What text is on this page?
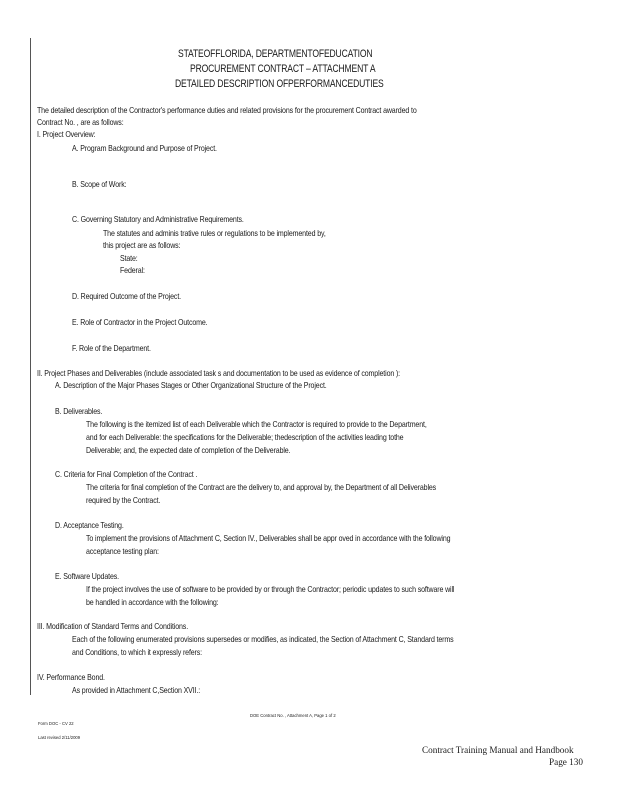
STATEOFFLORIDA, DEPARTMENTOFEDUCATION
PROCUREMENT CONTRACT – ATTACHMENT A
DETAILED DESCRIPTION OFPERFORMANCEDUTIES
The detailed description of the Contractor's performance duties and related provisions for the procurement Contract awarded to
Contract No. , are as follows:
I. Project Overview:
A. Program Background and Purpose of Project.
B. Scope of Work:
C. Governing Statutory and Administrative Requirements.
The statutes and adminis trative rules or regulations to be implemented by,
this project are as follows:
State:
Federal:
D. Required Outcome of the Project.
E. Role of Contractor in the Project Outcome.
F. Role of the Department.
II. Project Phases and Deliverables (include associated task s and documentation to be used as evidence of completion ):
A. Description of the Major Phases Stages or Other Organizational Structure of the Project.
B. Deliverables.
The following is the itemized list of each Deliverable which the Contractor is required to provide to the Department,
and for each Deliverable: the specifications for the Deliverable; thedescription of the activities leading tothe
Deliverable; and, the expected date of completion of the Deliverable.
C. Criteria for Final Completion of the Contract .
The criteria for final completion of the Contract are the delivery to, and approval by, the Department of all Deliverables
required by the Contract.
D. Acceptance Testing.
To implement the provisions of Attachment C, Section IV., Deliverables shall be appr oved in accordance with the following
acceptance testing plan:
E. Software Updates.
If the project involves the use of software to be provided by or through the Contractor; periodic updates to such software will
be handled in accordance with the following:
III. Modification of Standard Terms and Conditions.
Each of the following enumerated provisions supersedes or modifies, as indicated, the Section of Attachment C, Standard terms
and Conditions, to which it expressly refers:
IV. Performance Bond.
As provided in Attachment C,Section XVII.:
DOE Contract No. , Attachment A, Page 1 of 2
Form DOC - CV 22
Last revised 2/11/2009
Contract Training Manual and Handbook
Page 130
